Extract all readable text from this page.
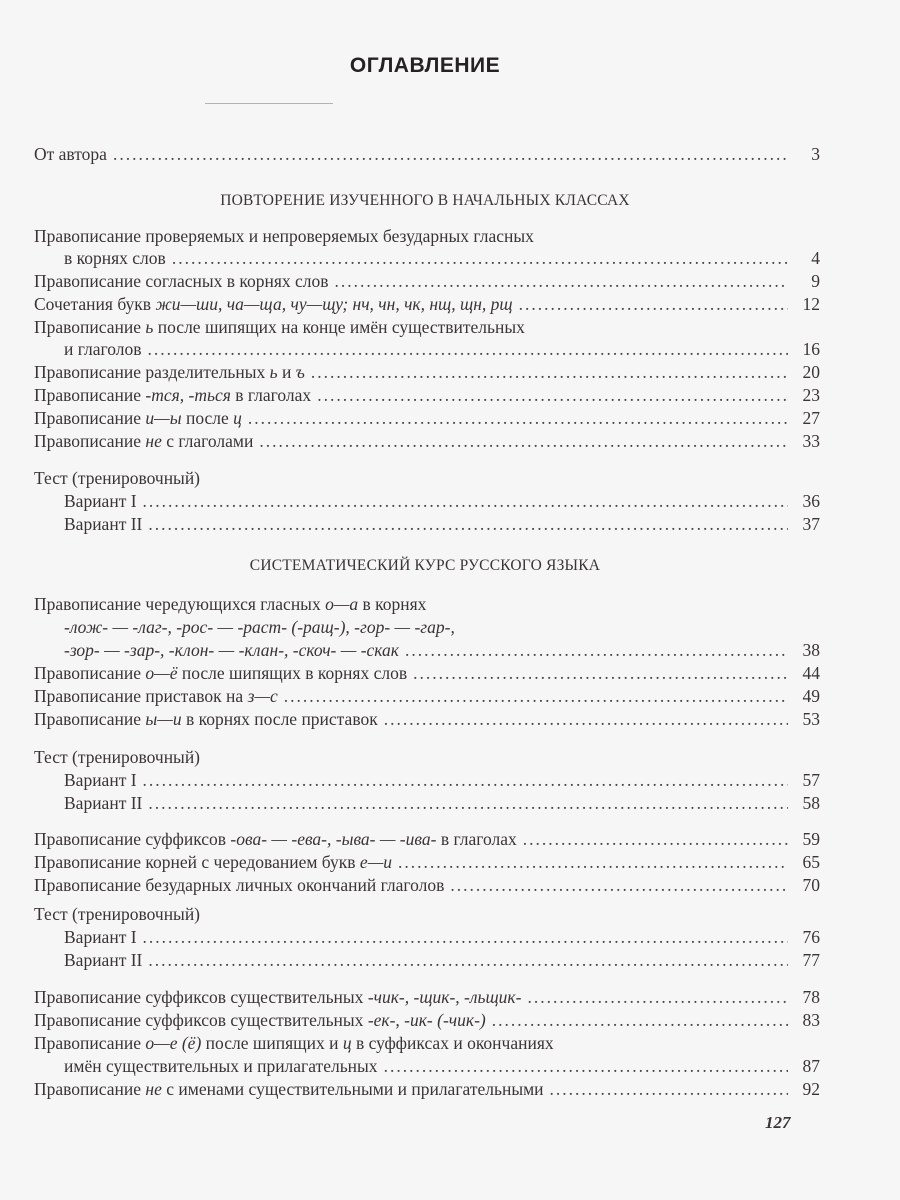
ОГЛАВЛЕНИЕ
От автора .....	3
ПОВТОРЕНИЕ ИЗУЧЕННОГО В НАЧАЛЬНЫХ КЛАССАХ
Правописание проверяемых и непроверяемых безударных гласных
в корнях слов .....	4
Правописание согласных в корнях слов .....	9
Сочетания букв жи—ши, ча—ща, чу—щу; нч, чн, чк, нщ, щн, рщ .....	12
Правописание ь после шипящих на конце имён существительных
и глаголов .....	16
Правописание разделительных ь и ъ .....	20
Правописание -тся, -ться в глаголах .....	23
Правописание и—ы после ц .....	27
Правописание не с глаголами .....	33
Тест (тренировочный)
Вариант I .....	36
Вариант II .....	37
СИСТЕМАТИЧЕСКИЙ КУРС РУССКОГО ЯЗЫКА
Правописание чередующихся гласных о—а в корнях
-лож- — -лаг-, -рос- — -раст- (-ращ-), -гор- — -гар-,
-зор- — -зар-, -клон- — -клан-, -скоч- — -скак .....	38
Правописание о—ё после шипящих в корнях слов .....	44
Правописание приставок на з—с .....	49
Правописание ы—и в корнях после приставок .....	53
Тест (тренировочный)
Вариант I .....	57
Вариант II .....	58
Правописание суффиксов -ова- — -ева-, -ыва- — -ива- в глаголах .....	59
Правописание корней с чередованием букв е—и .....	65
Правописание безударных личных окончаний глаголов .....	70
Тест (тренировочный)
Вариант I .....	76
Вариант II .....	77
Правописание суффиксов существительных -чик-, -щик-, -льщик- .....	78
Правописание суффиксов существительных -ек-, -ик- (-чик-) .....	83
Правописание о—е (ё) после шипящих и ц в суффиксах и окончаниях
имён существительных и прилагательных .....	87
Правописание не с именами существительными и прилагательными .....	92
127
